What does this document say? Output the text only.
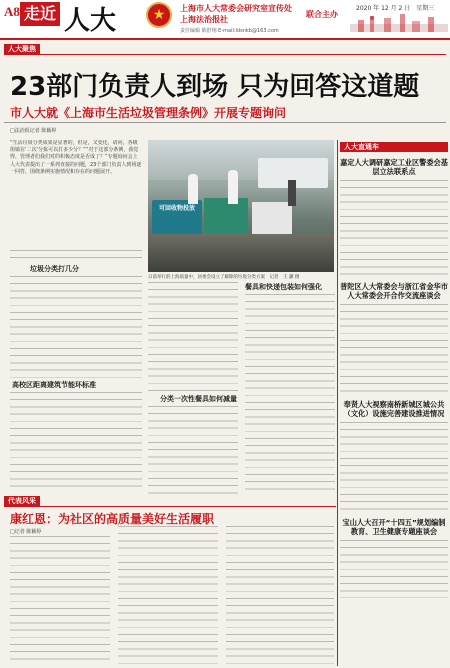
A8 走近 人大	★	上海市人大常委会研究室宣传处
上海法治报社
联合主办
责任编辑 陈舒翔 E-mail:ldsnkb@163.com
2020 年 12 月 2 日　星期三
人大聚焦
23部门负责人到场 只为回答这道题
市人大就《上海市生活垃圾管理条例》开展专题询问
□法治报记者 陈颖婷
“生活垃圾分类成果是显著的，但是，又变化，请问，各级街镇在‘二次’分拣可以打多少分？”“对于这部分条例，我觉得，管理者们我们对的积极态度是否成了？”专题询问会上人大代表提出了一系列直接的问题，23个部门负责人到场逐一回答，围绕条例实施情况和存在的问题展开。
可回收物投放
日前举行的上海质量中，居委会设立了解除的垃圾分类方案　记者　王 灏 摄
垃圾分类打几分
高校区距离建筑节能环标准
分类一次性餐具如何减量
餐具和快递包装如何强化
代表风采
康红恩：为社区的高质量美好生活履职
□记者 陈颖婷
人大直通车
嘉定人大调研嘉定工业区警委会基层立法联系点
普陀区人大常委会与浙江省金华市人大常委会开合作交流座谈会
奉贤人大视察南桥新城区城公共（文化）设施完善建设推进情况
宝山人大召开“十四五”规划编制教育、卫生健康专题座谈会
